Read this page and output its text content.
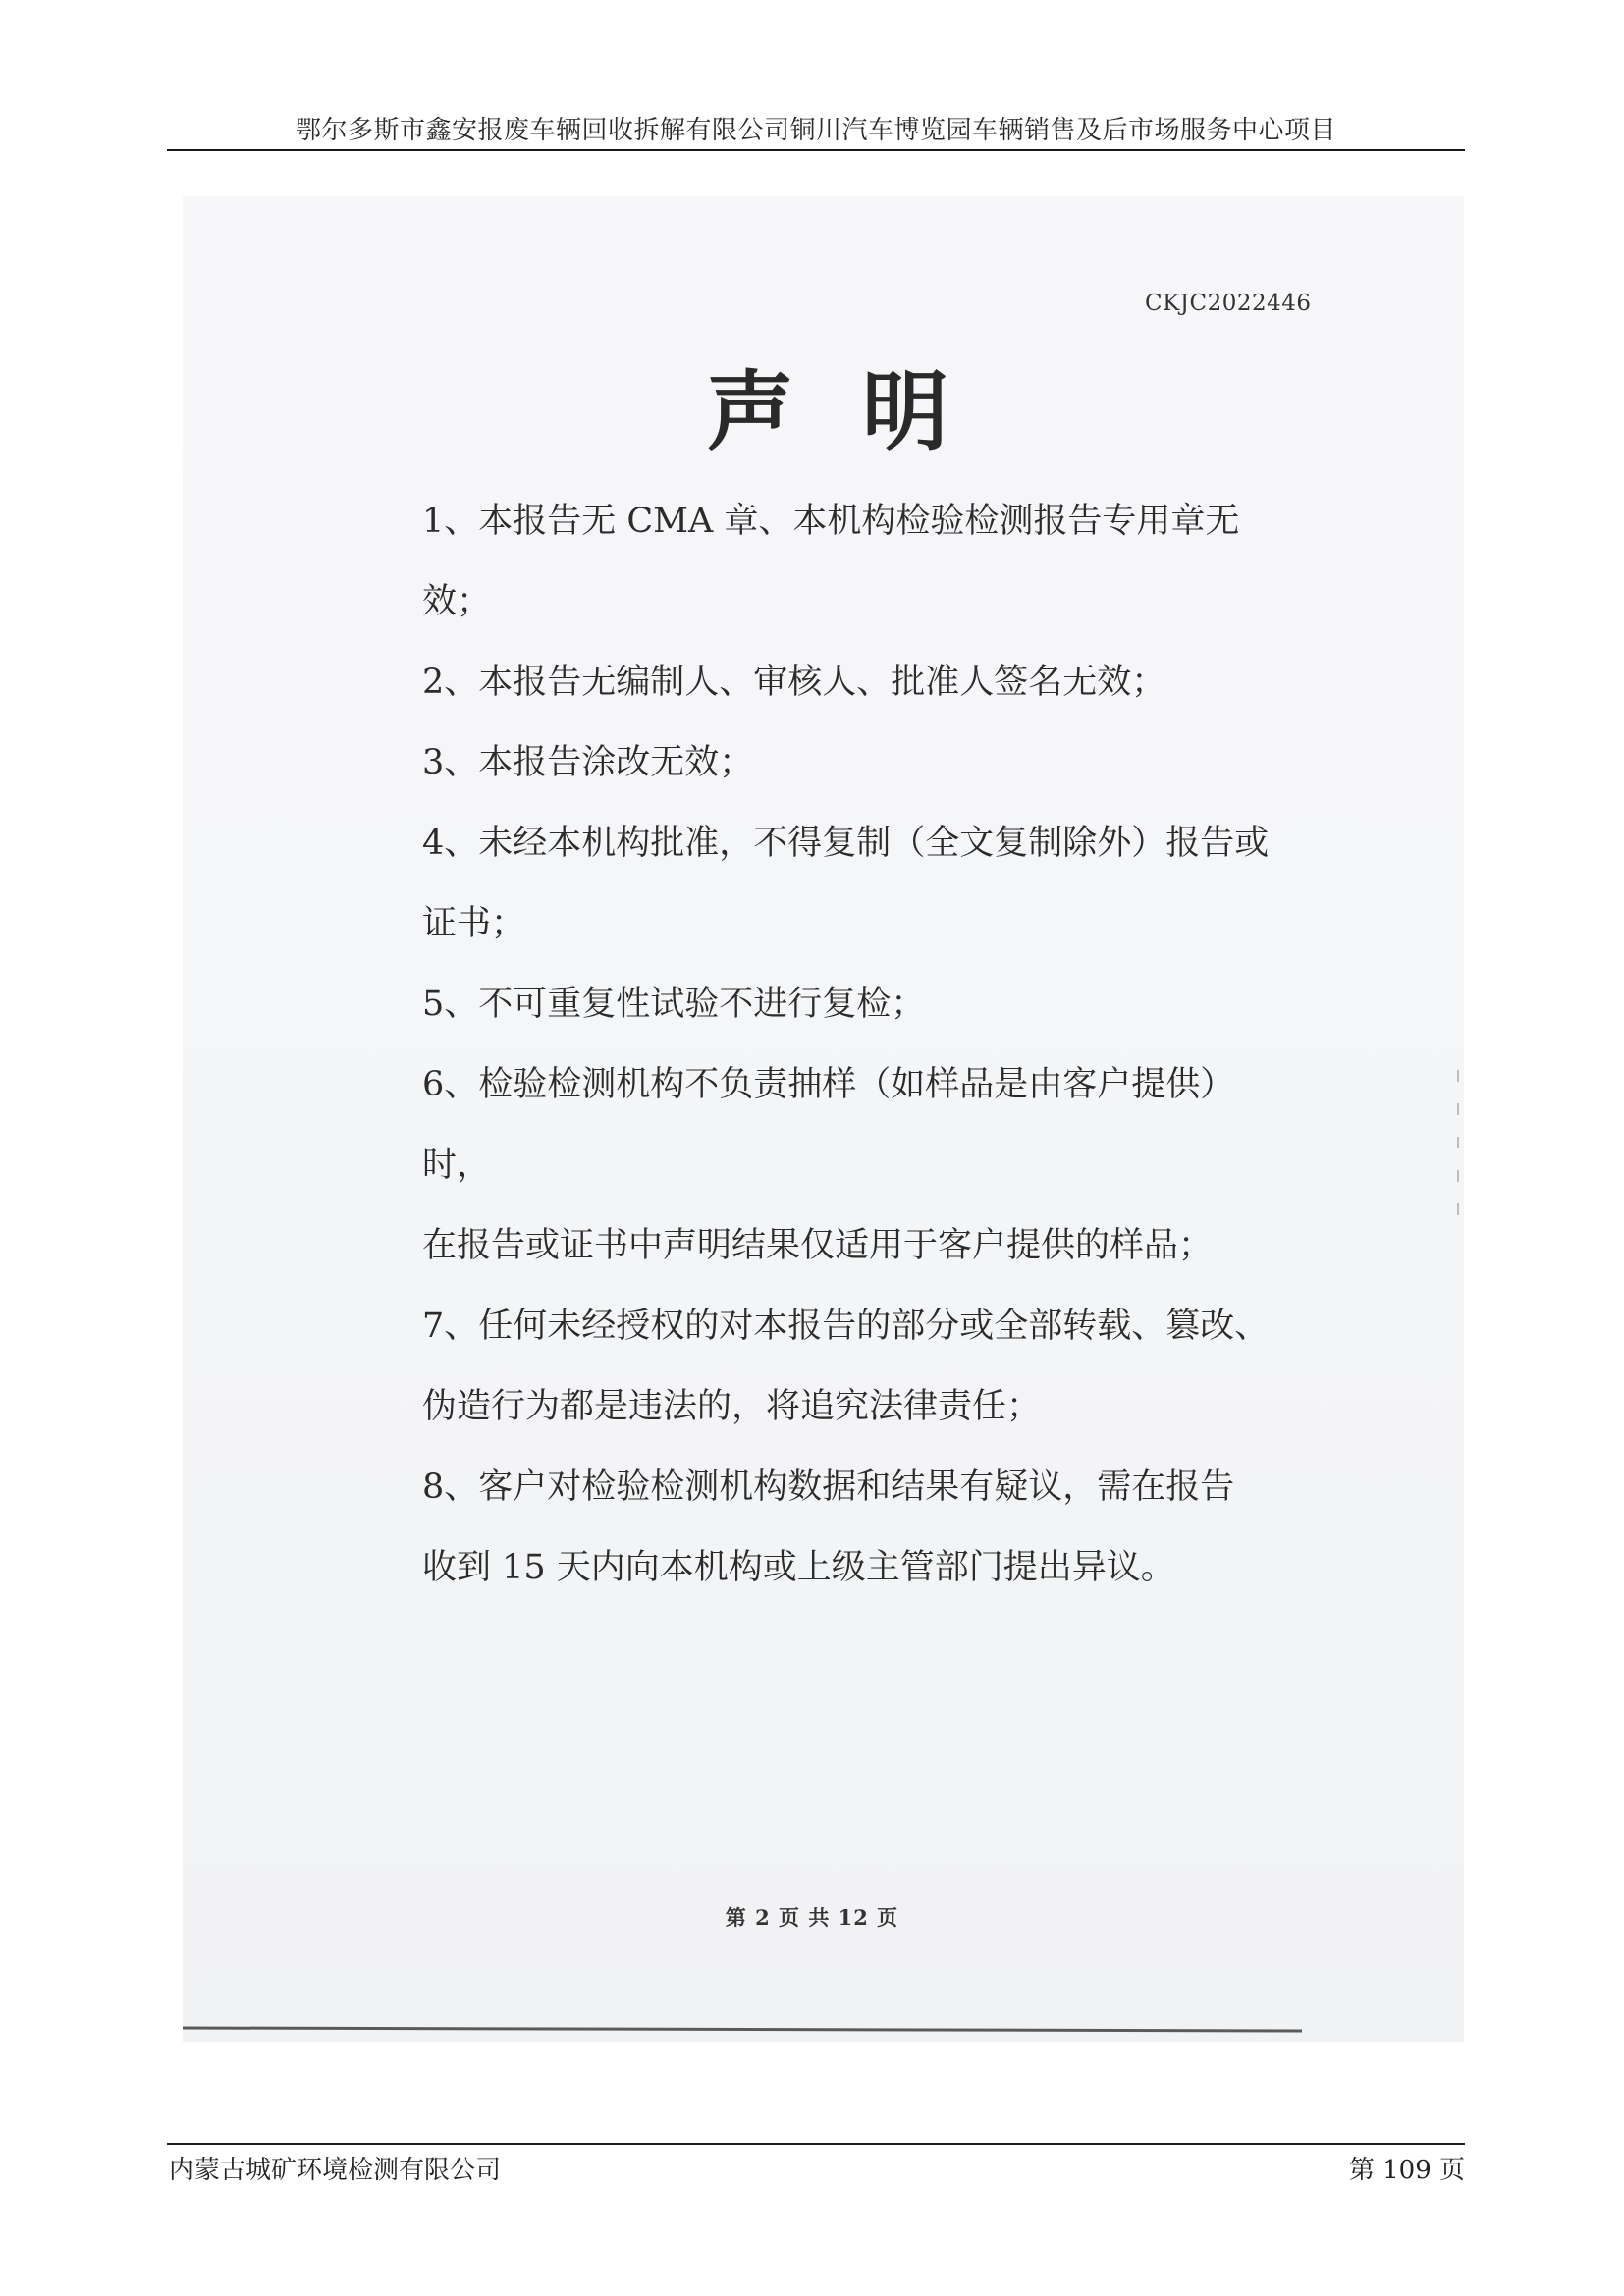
鄂尔多斯市鑫安报废车辆回收拆解有限公司铜川汽车博览园车辆销售及后市场服务中心项目
CKJC2022446
声明

1、本报告无 CMA 章、本机构检验检测报告专用章无效；

2、本报告无编制人、审核人、批准人签名无效；

3、本报告涂改无效；

4、未经本机构批准，不得复制（全文复制除外）报告或

证书；

5、不可重复性试验不进行复检；

6、检验检测机构不负责抽样（如样品是由客户提供）时，

在报告或证书中声明结果仅适用于客户提供的样品；

7、任何未经授权的对本报告的部分或全部转载、篡改、

伪造行为都是违法的，将追究法律责任；

8、客户对检验检测机构数据和结果有疑议，需在报告

收到 15 天内向本机构或上级主管部门提出异议。

第 2 页 共 12 页
内蒙古城矿环境检测有限公司	第 109 页
